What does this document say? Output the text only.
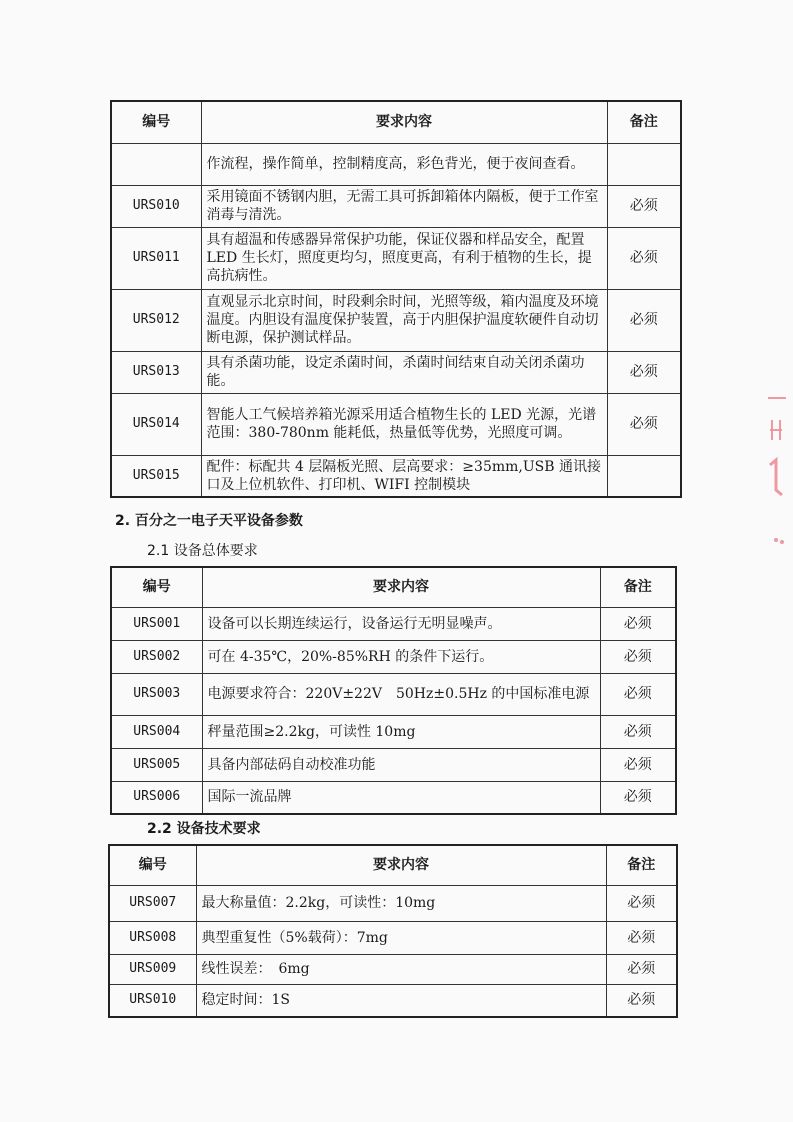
编号	要求内容	备注
	作流程，操作简单，控制精度高，彩色背光，便于夜间查看。	
URS010	采用镜面不锈钢内胆，无需工具可拆卸箱体内隔板，便于工作室消毒与清洗。	必须
URS011	具有超温和传感器异常保护功能，保证仪器和样品安全，配置 LED 生长灯，照度更均匀，照度更高，有利于植物的生长，提高抗病性。	必须
URS012	直观显示北京时间，时段剩余时间，光照等级，箱内温度及环境温度。内胆设有温度保护装置，高于内胆保护温度软硬件自动切断电源，保护测试样品。	必须
URS013	具有杀菌功能，设定杀菌时间，杀菌时间结束自动关闭杀菌功能。	必须
URS014	智能人工气候培养箱光源采用适合植物生长的 LED 光源，光谱范围：380-780nm 能耗低，热量低等优势，光照度可调。	必须
URS015	配件：标配共 4 层隔板光照、层高要求：≥35mm,USB 通讯接口及上位机软件、打印机、WIFI 控制模块	
2. 百分之一电子天平设备参数
2.1 设备总体要求
编号	要求内容	备注
URS001	设备可以长期连续运行，设备运行无明显噪声。	必须
URS002	可在 4-35℃，20%-85%RH 的条件下运行。	必须
URS003	电源要求符合：220V±22V　50Hz±0.5Hz 的中国标准电源	必须
URS004	秤量范围≥2.2kg，可读性 10mg	必须
URS005	具备内部砝码自动校准功能	必须
URS006	国际一流品牌	必须
2.2 设备技术要求
编号	要求内容	备注
URS007	最大称量值：2.2kg，可读性：10mg	必须
URS008	典型重复性（5%载荷）：7mg	必须
URS009	线性误差：　6mg	必须
URS010	稳定时间：1S	必须
